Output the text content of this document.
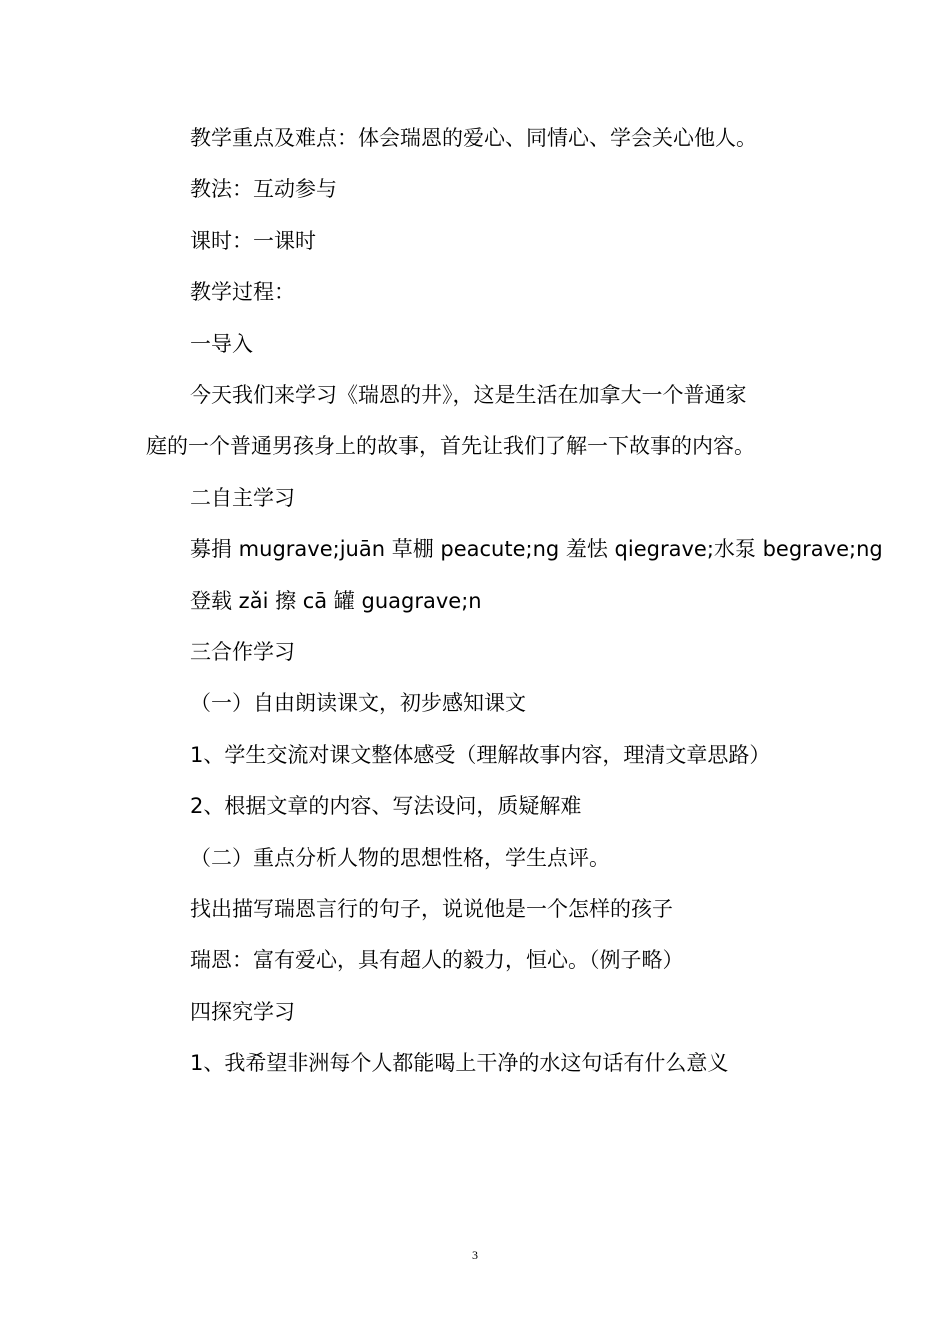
教学重点及难点：体会瑞恩的爱心、同情心、学会关心他人。
教法：互动参与
课时：一课时
教学过程：
一导入
今天我们来学习《瑞恩的井》，这是生活在加拿大一个普通家
庭的一个普通男孩身上的故事，首先让我们了解一下故事的内容。
二自主学习
募捐 mugrave;juān 草棚 peacute;ng 羞怯 qiegrave;水泵 begrave;ng
登载 zǎi 擦 cā 罐 guagrave;n
三合作学习
（一）自由朗读课文，初步感知课文
1、学生交流对课文整体感受（理解故事内容，理清文章思路）
2、根据文章的内容、写法设问，质疑解难
（二）重点分析人物的思想性格，学生点评。
找出描写瑞恩言行的句子，说说他是一个怎样的孩子
瑞恩：富有爱心，具有超人的毅力，恒心。（例子略）
四探究学习
1、我希望非洲每个人都能喝上干净的水这句话有什么意义
3
